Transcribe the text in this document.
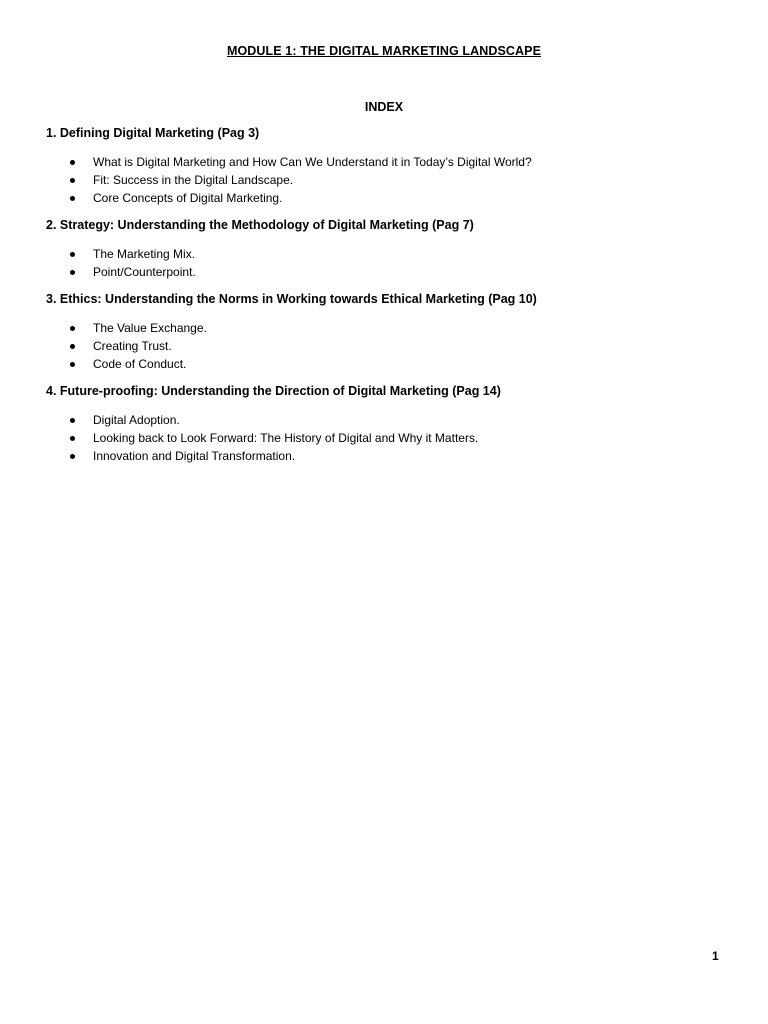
MODULE 1: THE DIGITAL MARKETING LANDSCAPE
INDEX

1. Defining Digital Marketing (Pag 3)

What is Digital Marketing and How Can We Understand it in Today’s Digital World?
Fit: Success in the Digital Landscape.
Core Concepts of Digital Marketing.

2. Strategy: Understanding the Methodology of Digital Marketing (Pag 7)

The Marketing Mix.
Point/Counterpoint.

3. Ethics: Understanding the Norms in Working towards Ethical Marketing (Pag 10)

The Value Exchange.
Creating Trust.
Code of Conduct.

4. Future-proofing: Understanding the Direction of Digital Marketing (Pag 14)

Digital Adoption.
Looking back to Look Forward: The History of Digital and Why it Matters.
Innovation and Digital Transformation.
1
